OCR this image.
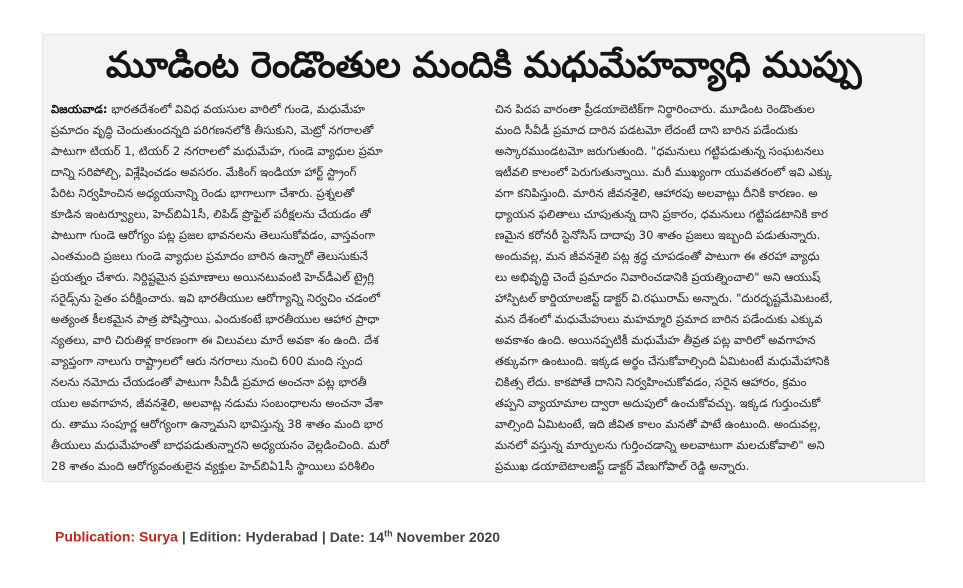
మూడింట రెండొంతుల మందికి మధుమేహవ్యాధి ముప్పు
విజయవాడ: భారతదేశంలో వివిధ వయసుల వారిలో గుండె, మధుమేహ
ప్రమాదం వృద్ధి చెందుతుందన్నది పరిగణనలోకి తీసుకుని, మెట్రో నగరాలతో
పాటుగా టియర్ 1, టియర్ 2 నగరాలలో మధుమేహ, గుండె వ్యాధుల ప్రమా
దాన్ని సరిపోల్చి, విశ్లేషించడం అవసరం. మేకింగ్ ఇండియా హార్ట్ స్ట్రాంగ్
పేరిట నిర్వహించిన అధ్యయనాన్ని రెండు భాగాలుగా చేశారు. ప్రశ్నలతో
కూడిన ఇంటర్వ్యూలు, హెచ్‌బిఏ1సీ, లిపిడ్ ప్రొఫైల్ పరీక్షలను చేయడం తో
పాటుగా గుండె ఆరోగ్యం పట్ల ప్రజల భావనలను తెలుసుకోవడం, వాస్తవంగా
ఎంతమంది ప్రజలు గుండె వ్యాధుల ప్రమాదం బారిన ఉన్నారో తెలుసుకునే
ప్రయత్నం చేశారు. నిర్దిష్టమైన ప్రమాణాలు అయినటువంటి హెచ్‌డీఎల్ ట్రైగ్లి
సరైడ్స్‌ను సైతం పరీక్షించారు. ఇవి భారతీయుల ఆరోగ్యాన్ని నిర్వచిం చడంలో
అత్యంత కీలకమైన పాత్ర పోషిస్తాయి. ఎందుకంటే భారతీయుల ఆహార ప్రాధా
న్యతలు, వారి చిరుతిళ్ల కారణంగా ఈ విలువలు మారే అవకా శం ఉంది. దేశ
వ్యాప్తంగా నాలుగు రాష్ట్రాలలో ఆరు నగరాలు నుంచి 600 మంది స్పంద
నలను నమోదు చేయడంతో పాటుగా సీవీడీ ప్రమాద అంచనా పట్ల భారతీ
యుల అవగాహన, జీవనశైలి, అలవాట్ల నడుమ సంబంధాలను అంచనా వేశా
రు. తాము సంపూర్ణ ఆరోగ్యంగా ఉన్నామని భావిస్తున్న 38 శాతం మంది భార
తీయులు మధుమేహంతో బాధపడుతున్నారని అధ్యయనం వెల్లడించింది. మరో
28 శాతం మంది ఆరోగ్యవంతులైన వ్యక్తుల హెచ్‌బిఏ1సీ స్థాయిలు పరిశీలిం
చిన పిదప వారంతా ప్రీడయాబెటిక్‌గా నిర్థారించారు. మూడింట రెండొంతుల
మంది సీవీడీ ప్రమాద దారిన పడటమో లేదంటే దాని బారిన పడేందుకు
అస్కారముండటమో జరుగుతుంది. "ధమనులు గట్టిపడుతున్న సంఘటనలు
ఇటీవలి కాలంలో పెరుగుతున్నాయి. మరీ ముఖ్యంగా యువతరంలో ఇవి ఎక్కు
వగా కనిపిస్తుంది. మారిన జీవనశైలి, ఆహారపు అలవాట్లు దీనికి కారణం. అ
ధ్యాయన ఫలితాలు చూపుతున్న దాని ప్రకారం, ధమనులు గట్టిపడటానికి కార
ణమైన కరోనరీ స్టెనోసిస్ దాదాపు 30 శాతం ప్రజలు ఇబ్బంది పడుతున్నారు.
అందువల్ల, మన జీవనశైలి పట్ల శ్రద్ధ చూపడంతో పాటుగా ఈ తరహా వ్యాధు
లు అభివృద్ధి చెందే ప్రమాదం నివారించడానికి ప్రయత్నించాలి" అని ఆయుష్
హాస్పిటల్ కార్డియాలజిస్ట్ డాక్టర్ వి.రఘురామ్ అన్నారు. "దురదృష్టమేమిటంటే,
మన దేశంలో మధుమేహులు మహమ్మారి ప్రమాద బారిన పడేందుకు ఎక్కువ
అవకాశం ఉంది. అయినప్పటికీ మధుమేహ తీవ్రత పట్ల వారిలో అవగాహన
తక్కువగా ఉంటుంది. ఇక్కడ అర్థం చేసుకోవాల్సింది ఏమిటంటే మధుమేహానికి
చికిత్స లేదు. కాకపోతే దానిని నిర్వహించుకోవడం, సరైన ఆహారం, క్రమం
తప్పని వ్యాయామాల ద్వారా అదుపులో ఉంచుకోవచ్చు. ఇక్కడ గుర్తుంచుకో
వాల్సింది ఏమిటంటే, ఇది జీవిత కాలం మనతో పాటే ఉంటుంది. అందువల్ల,
మనలో వస్తున్న మార్పులను గుర్తించడాన్ని అలవాటుగా మలచుకోవాలి" అని
ప్రముఖ డయాబెటాలజిస్ట్ డాక్టర్ వేణుగోపాల్ రెడ్డి అన్నారు.
Publication: Surya | Edition: Hyderabad | Date: 14th November 2020
